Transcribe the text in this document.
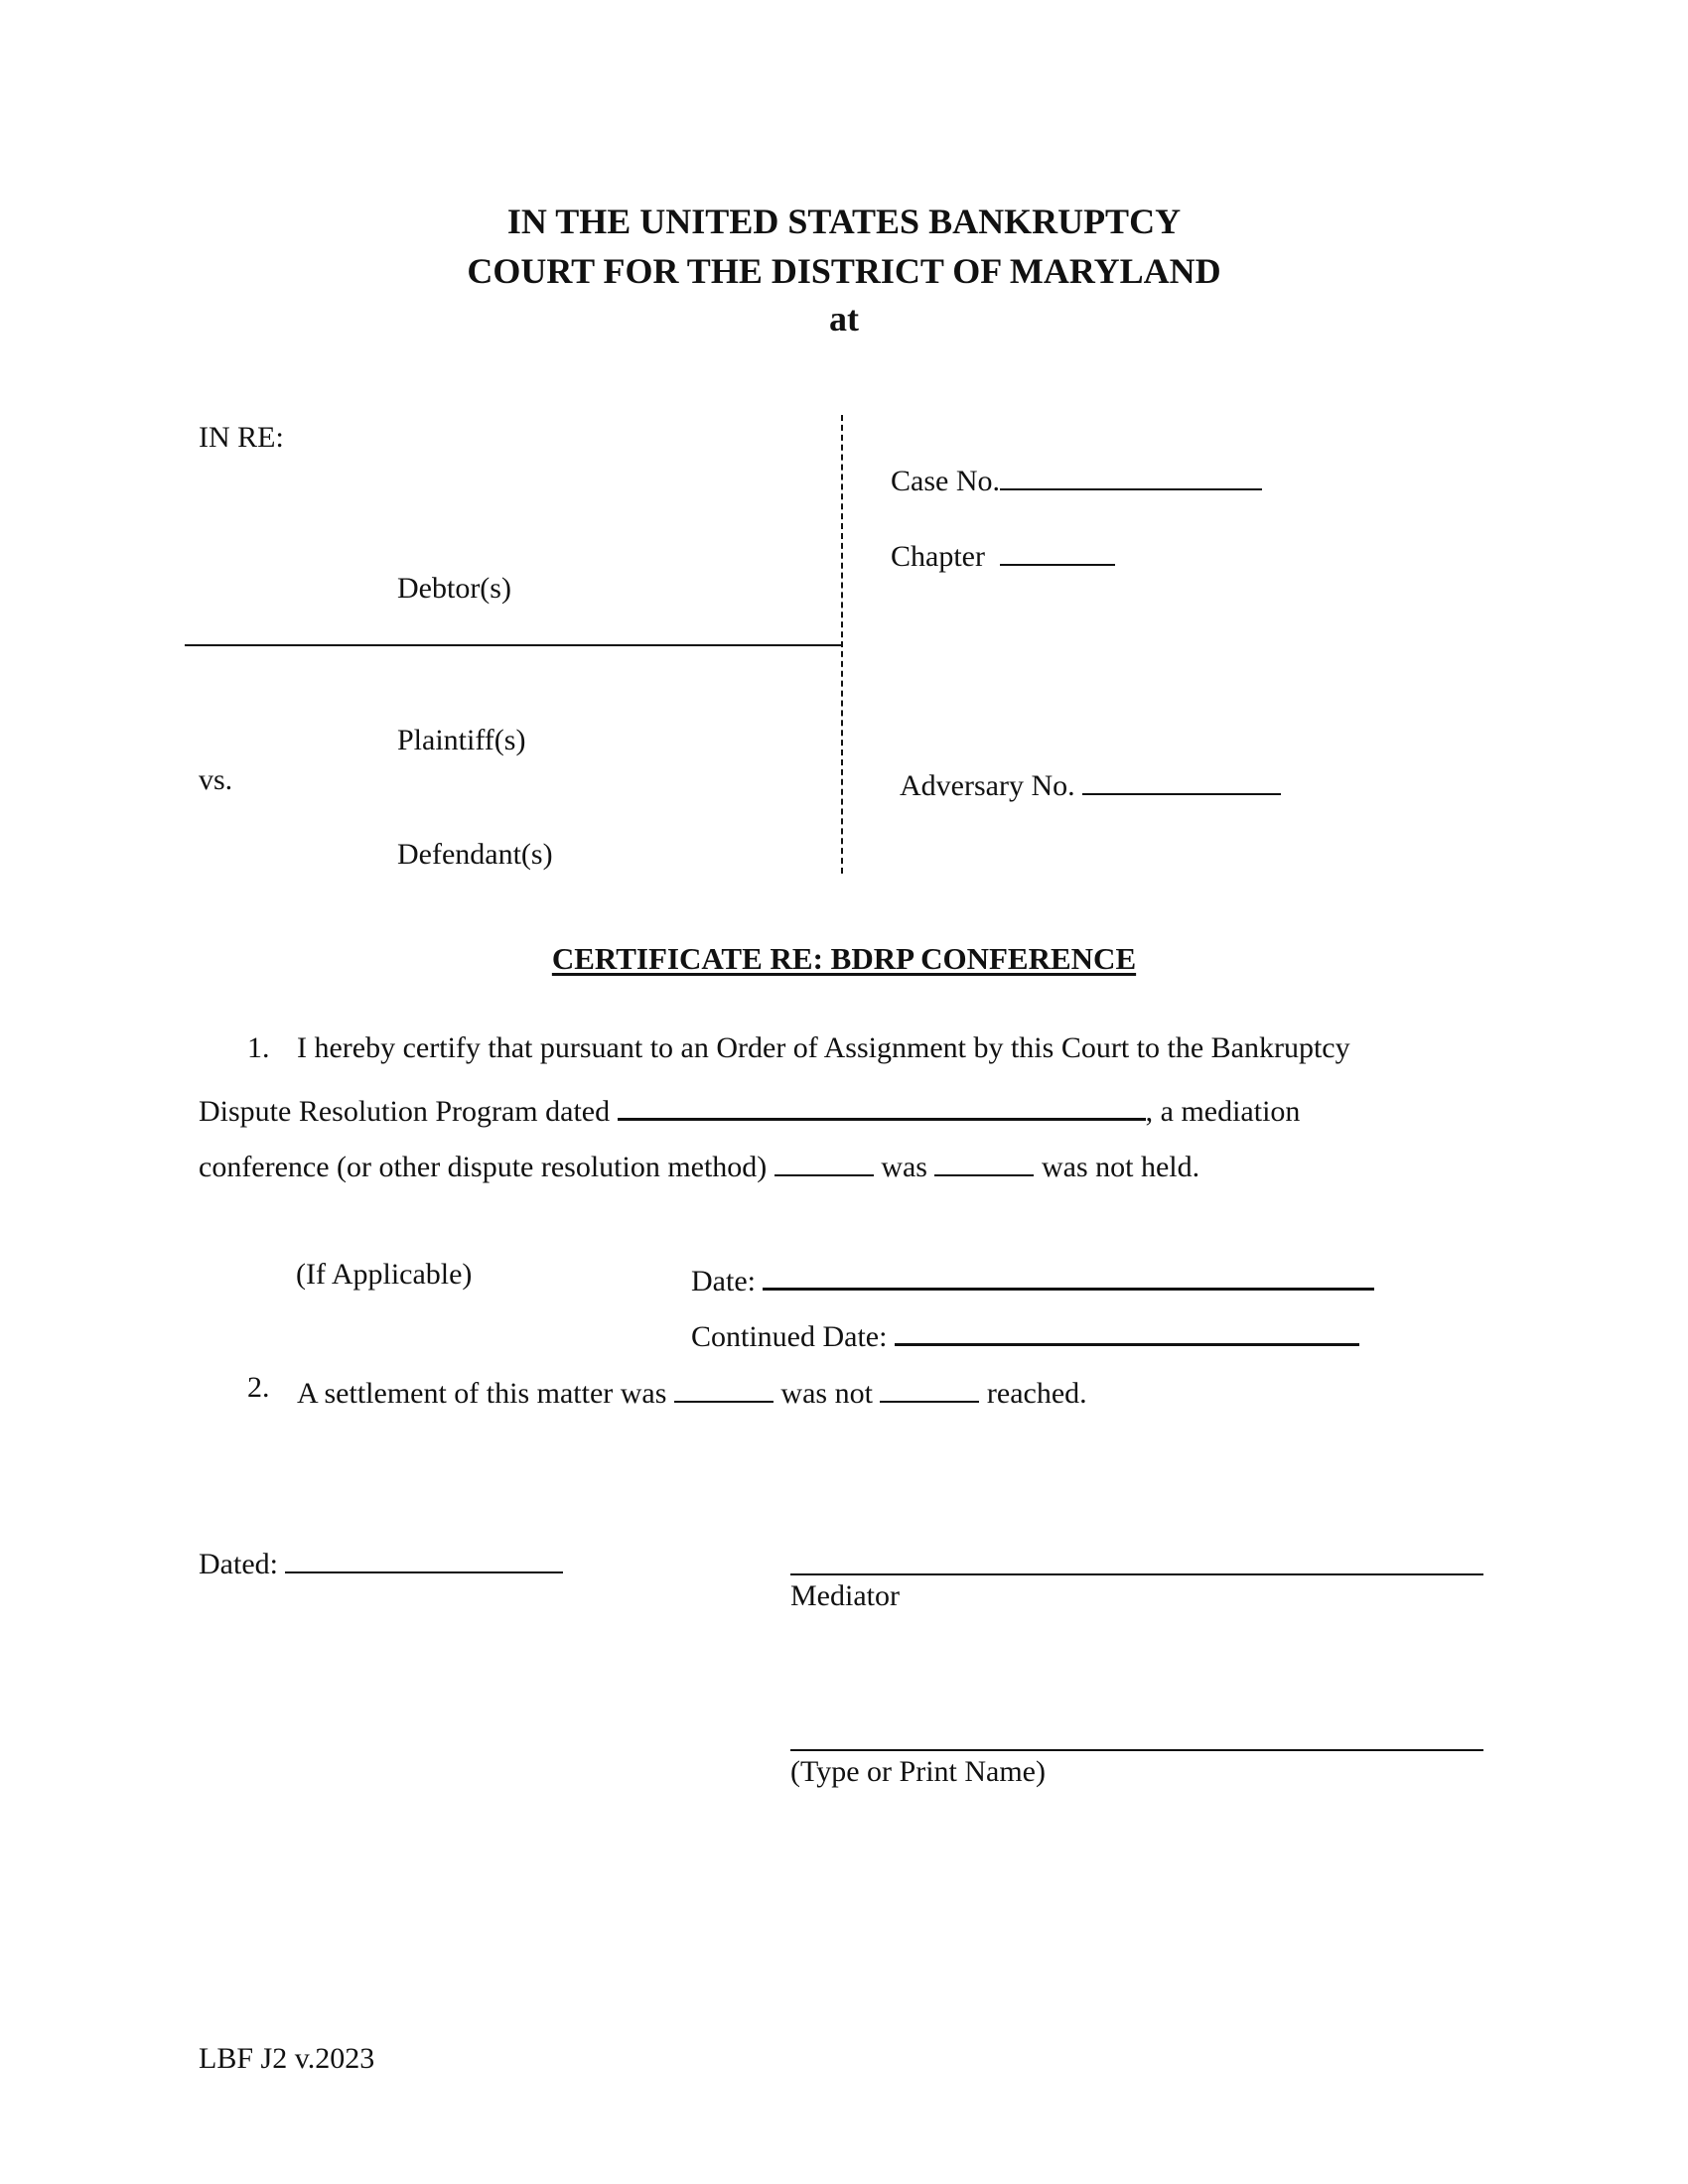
IN THE UNITED STATES BANKRUPTCY
COURT FOR THE DISTRICT OF MARYLAND
at
IN RE:
Debtor(s)
Plaintiff(s)
vs.
Defendant(s)
Case No.
Chapter
Adversary No.
CERTIFICATE RE: BDRP CONFERENCE
1. I hereby certify that pursuant to an Order of Assignment by this Court to the Bankruptcy
Dispute Resolution Program dated	, a mediation
conference (or other dispute resolution method)	was	was not held.
(If Applicable)	Date:
Continued Date:
2. A settlement of this matter was	was not	reached.
Dated:
Mediator
(Type or Print Name)
LBF J2 v.2023
